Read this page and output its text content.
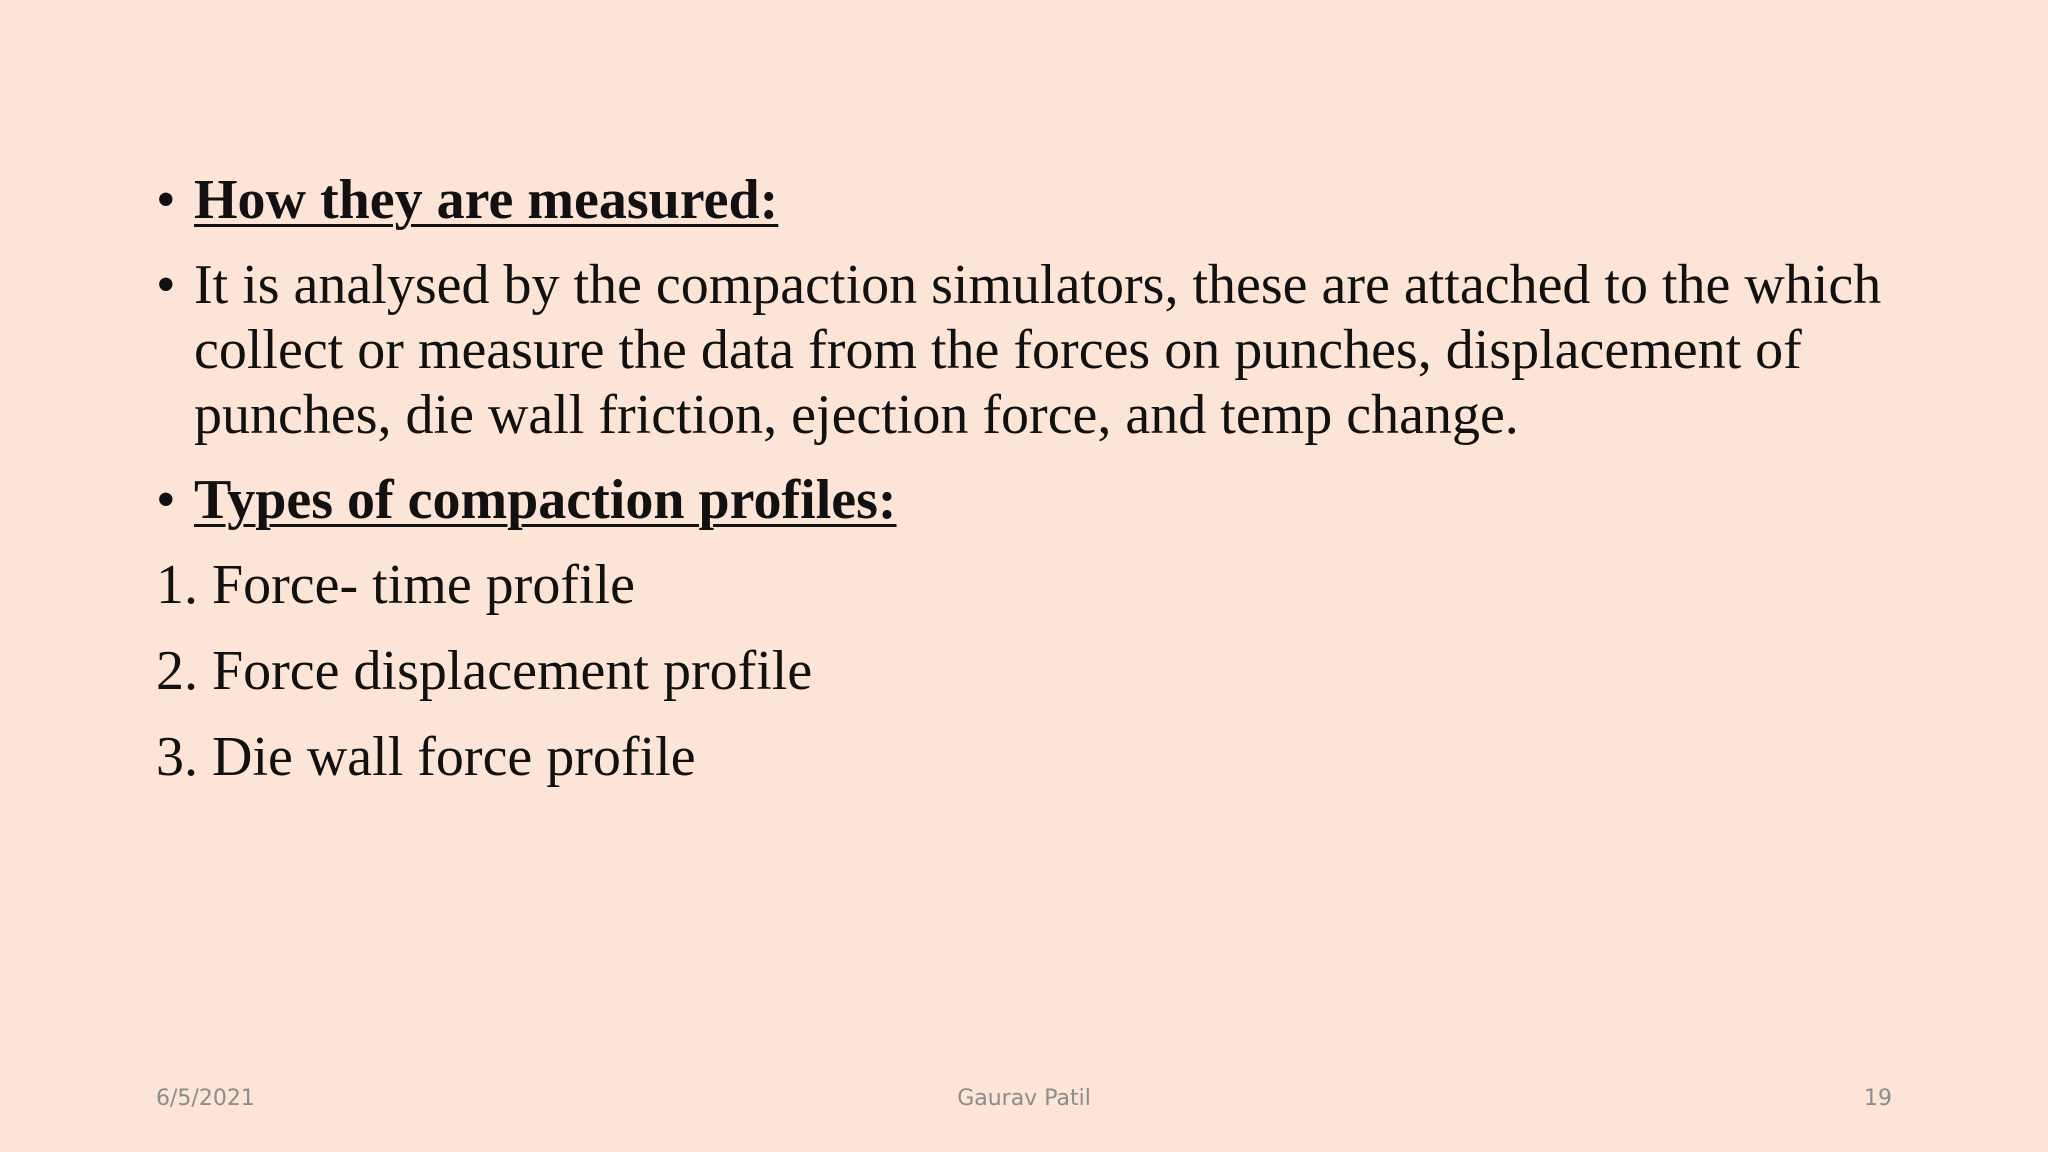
• How they are measured:
• It is analysed by the compaction simulators, these are attached to the which collect or measure the data from the forces on punches, displacement of punches, die wall friction, ejection force, and temp change.
• Types of compaction profiles:
1. Force- time profile
2. Force displacement profile
3. Die wall force profile
6/5/2021	Gaurav Patil	19
